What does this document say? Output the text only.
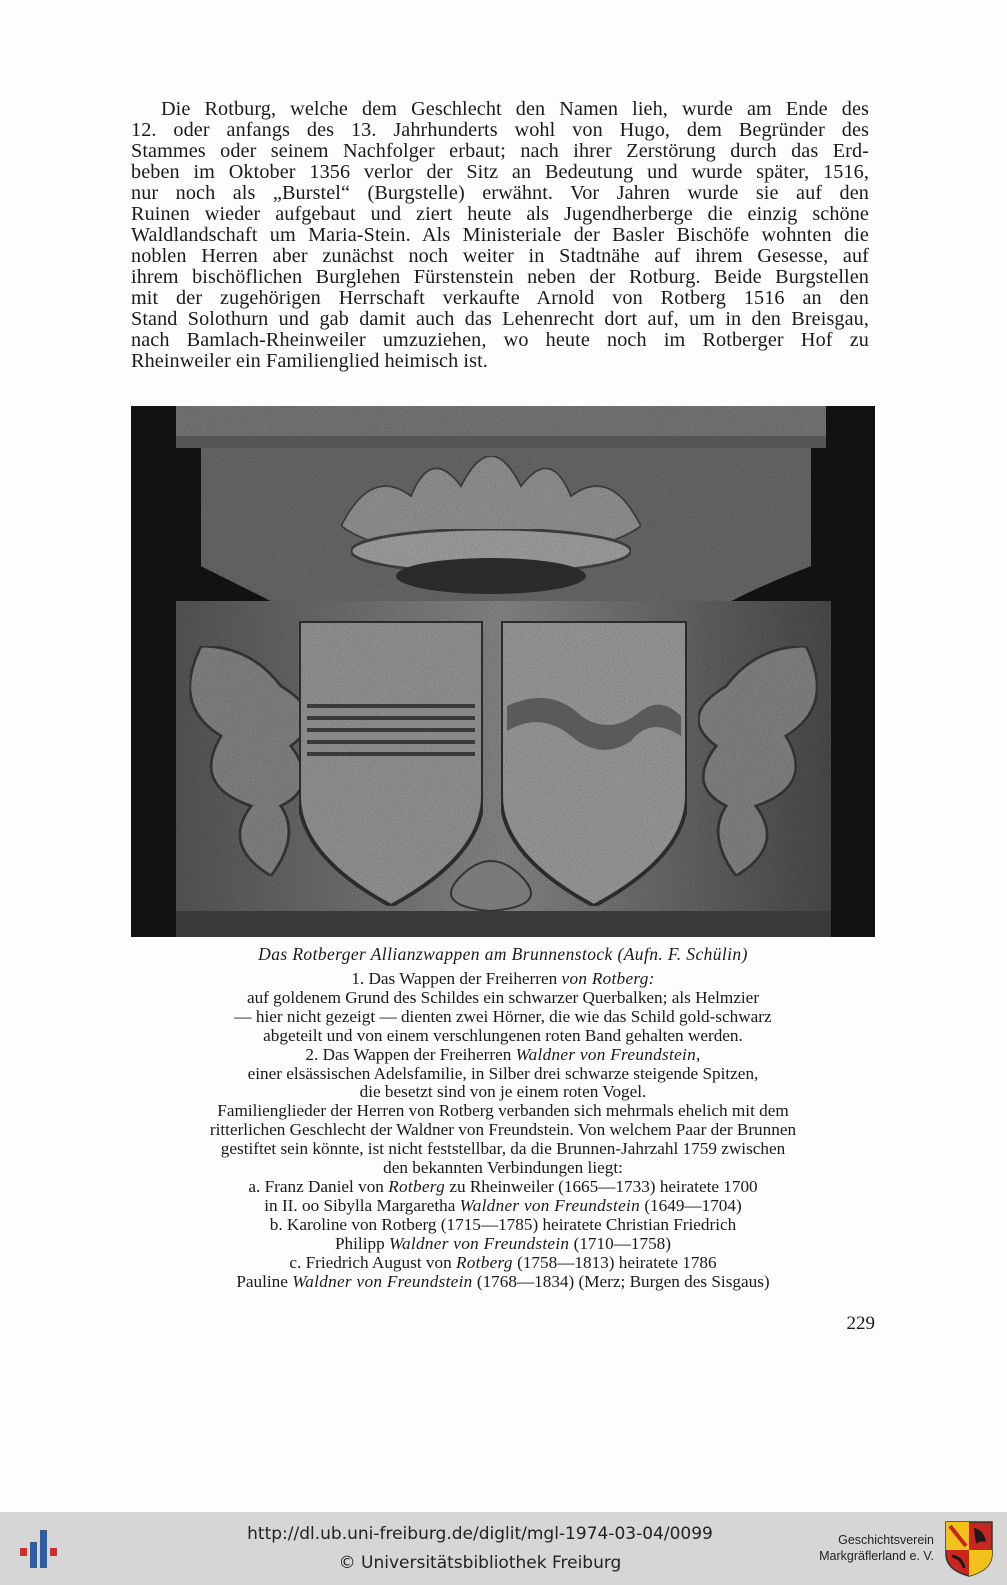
Die Rotburg, welche dem Geschlecht den Namen lieh, wurde am Ende des
12. oder anfangs des 13. Jahrhunderts wohl von Hugo, dem Begründer des
Stammes oder seinem Nachfolger erbaut; nach ihrer Zerstörung durch das Erd-
beben im Oktober 1356 verlor der Sitz an Bedeutung und wurde später, 1516,
nur noch als „Burstel“ (Burgstelle) erwähnt. Vor Jahren wurde sie auf den
Ruinen wieder aufgebaut und ziert heute als Jugendherberge die einzig schöne
Waldlandschaft um Maria-Stein. Als Ministeriale der Basler Bischöfe wohnten die
noblen Herren aber zunächst noch weiter in Stadtnähe auf ihrem Gesesse, auf
ihrem bischöflichen Burglehen Fürstenstein neben der Rotburg. Beide Burgstellen
mit der zugehörigen Herrschaft verkaufte Arnold von Rotberg 1516 an den
Stand Solothurn und gab damit auch das Lehenrecht dort auf, um in den Breisgau,
nach Bamlach-Rheinweiler umzuziehen, wo heute noch im Rotberger Hof zu
Rheinweiler ein Familienglied heimisch ist.
Das Rotberger Allianzwappen am Brunnenstock (Aufn. F. Schülin)
1. Das Wappen der Freiherren von Rotberg:
auf goldenem Grund des Schildes ein schwarzer Querbalken; als Helmzier
— hier nicht gezeigt — dienten zwei Hörner, die wie das Schild gold-schwarz
abgeteilt und von einem verschlungenen roten Band gehalten werden.
2. Das Wappen der Freiherren Waldner von Freundstein,
einer elsässischen Adelsfamilie, in Silber drei schwarze steigende Spitzen,
die besetzt sind von je einem roten Vogel.
Familienglieder der Herren von Rotberg verbanden sich mehrmals ehelich mit dem
ritterlichen Geschlecht der Waldner von Freundstein. Von welchem Paar der Brunnen
gestiftet sein könnte, ist nicht feststellbar, da die Brunnen-Jahrzahl 1759 zwischen
den bekannten Verbindungen liegt:
a. Franz Daniel von Rotberg zu Rheinweiler (1665—1733) heiratete 1700
in II. oo Sibylla Margaretha Waldner von Freundstein (1649—1704)
b. Karoline von Rotberg (1715—1785) heiratete Christian Friedrich
Philipp Waldner von Freundstein (1710—1758)
c. Friedrich August von Rotberg (1758—1813) heiratete 1786
Pauline Waldner von Freundstein (1768—1834) (Merz; Burgen des Sisgaus)
229
http://dl.ub.uni-freiburg.de/diglit/mgl-1974-03-04/0099
© Universitätsbibliothek Freiburg
Geschichtsverein
Markgräflerland e. V.
